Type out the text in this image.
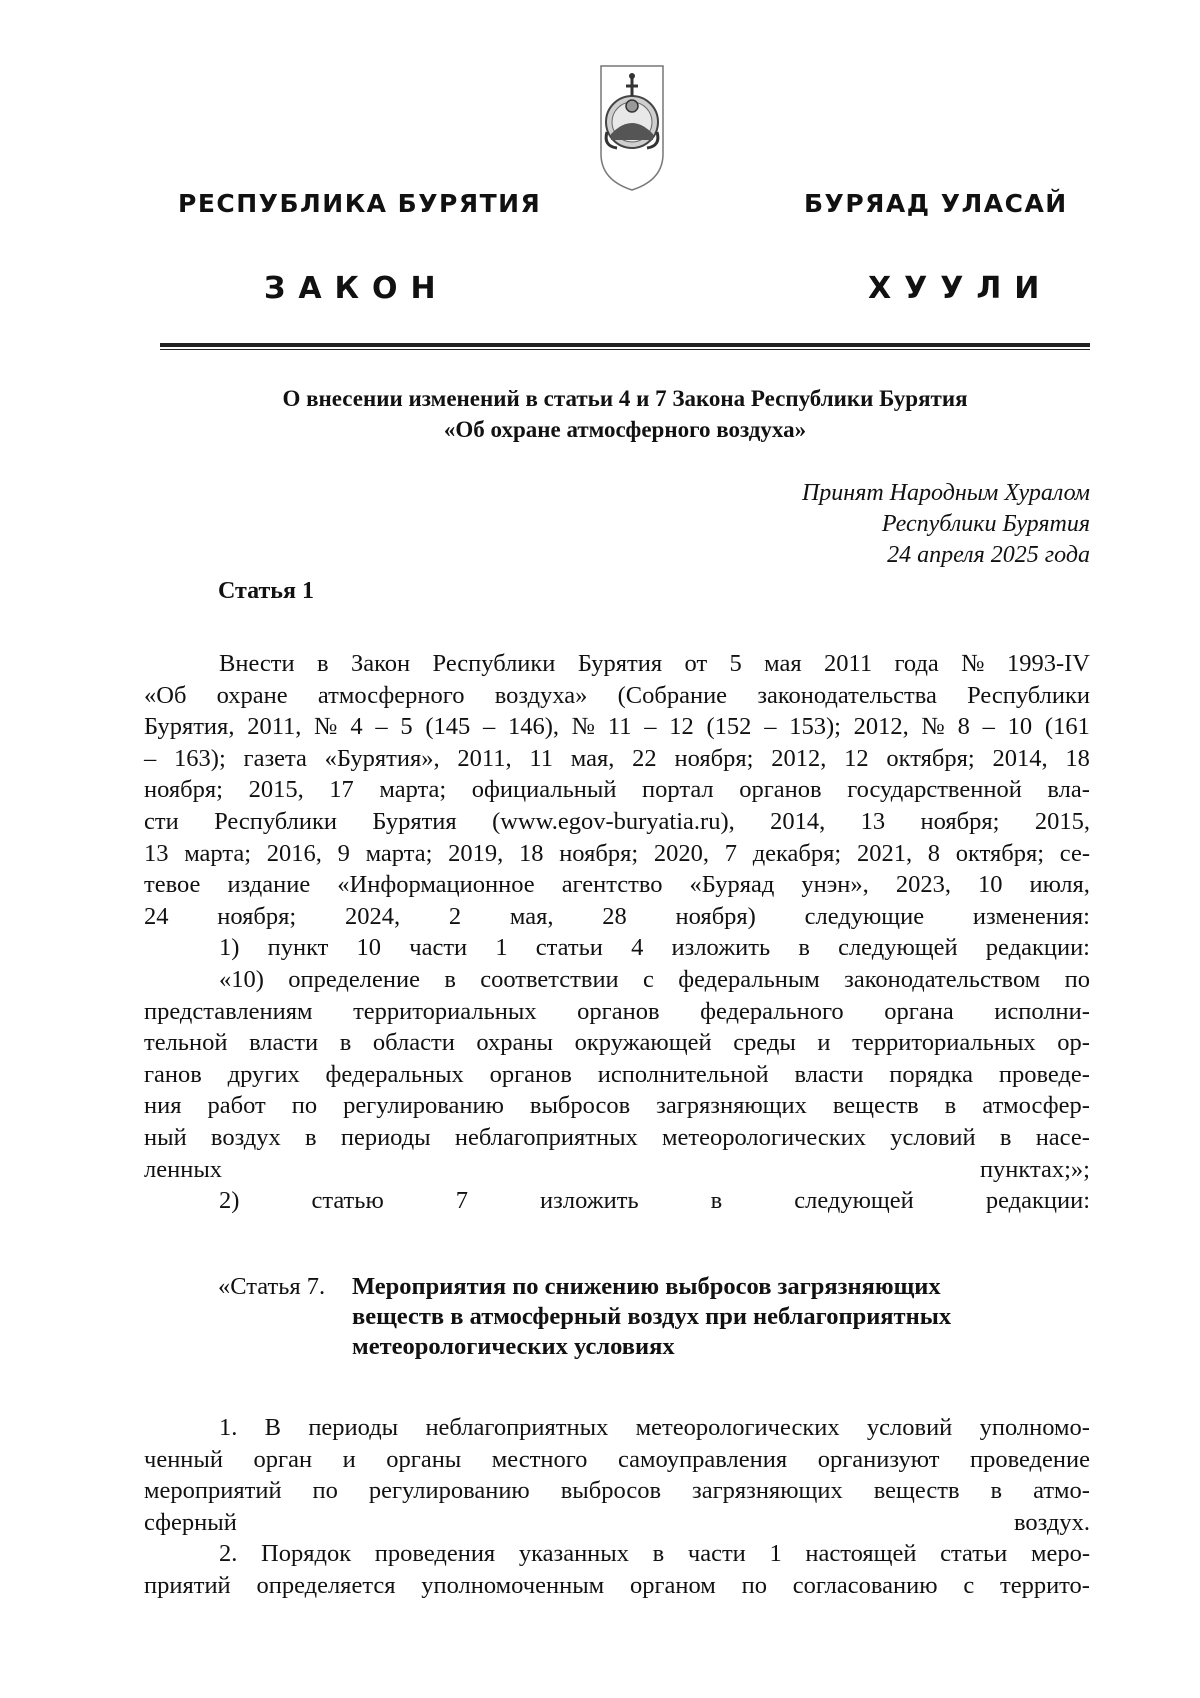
РЕСПУБЛИКА БУРЯТИЯ	БУРЯАД УЛАСАЙ
ЗАКОН	ХУУЛИ
О внесении изменений в статьи 4 и 7 Закона Республики Бурятия
«Об охране атмосферного воздуха»
Принят Народным Хуралом
Республики Бурятия
24 апреля 2025 года
Статья 1
Внести в Закон Республики Бурятия от 5 мая 2011 года № 1993-IV
«Об охране атмосферного воздуха» (Собрание законодательства Республики
Бурятия, 2011, № 4 – 5 (145 – 146), № 11 – 12 (152 – 153); 2012, № 8 – 10 (161
– 163); газета «Бурятия», 2011, 11 мая, 22 ноября; 2012, 12 октября; 2014, 18
ноября; 2015, 17 марта; официальный портал органов государственной вла-
сти Республики Бурятия (www.egov-buryatia.ru), 2014, 13 ноября; 2015,
13 марта; 2016, 9 марта; 2019, 18 ноября; 2020, 7 декабря; 2021, 8 октября; се-
тевое издание «Информационное агентство «Буряад унэн», 2023, 10 июля,
24 ноября; 2024, 2 мая, 28 ноября) следующие изменения:
1) пункт 10 части 1 статьи 4 изложить в следующей редакции:
«10) определение в соответствии с федеральным законодательством по
представлениям территориальных органов федерального органа исполни-
тельной власти в области охраны окружающей среды и территориальных ор-
ганов других федеральных органов исполнительной власти порядка проведе-
ния работ по регулированию выбросов загрязняющих веществ в атмосфер-
ный воздух в периоды неблагоприятных метеорологических условий в насе-
ленных пунктах;»;
2) статью 7 изложить в следующей редакции:
«Статья 7. Мероприятия по снижению выбросов загрязняющих
веществ в атмосферный воздух при неблагоприятных
метеорологических условиях
1. В периоды неблагоприятных метеорологических условий уполномо-
ченный орган и органы местного самоуправления организуют проведение
мероприятий по регулированию выбросов загрязняющих веществ в атмо-
сферный воздух.
2. Порядок проведения указанных в части 1 настоящей статьи меро-
приятий определяется уполномоченным органом по согласованию с террито-
